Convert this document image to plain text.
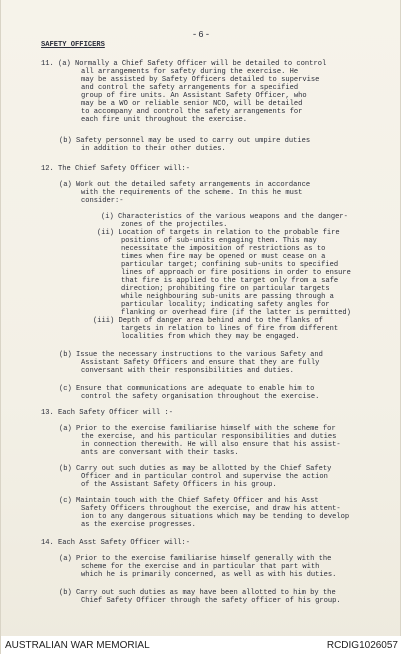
-6-
SAFETY OFFICERS
11. (a) Normally a Chief Safety Officer will be detailed to control
all arrangements for safety during the exercise. He
may be assisted by Safety Officers detailed to supervise
and control the safety arrangements for a specified
group of fire units. An Assistant Safety Officer, who
may be a WO or reliable senior NCO, will be detailed
to accompany and control the safety arrangements for
each fire unit throughout the exercise.
(b) Safety personnel may be used to carry out umpire duties
in addition to their other duties.
12. The Chief Safety Officer will:-
(a) Work out the detailed safety arrangements in accordance
with the requirements of the scheme. In this he must
consider:-
(i) Characteristics of the various weapons and the danger-
zones of the projectiles.
(ii) Location of targets in relation to the probable fire
positions of sub-units engaging them. This may
necessitate the imposition of restrictions as to
times when fire may be opened or must cease on a
particular target; confining sub-units to specified
lines of approach or fire positions in order to ensure
that fire is applied to the target only from a safe
direction; prohibiting fire on particular targets
while neighbouring sub-units are passing through a
particular locality; indicating safety angles for
flanking or overhead fire (if the latter is permitted)
(iii) Depth of danger area behind and to the flanks of
targets in relation to lines of fire from different
localities from which they may be engaged.
(b) Issue the necessary instructions to the various Safety and
Assistant Safety Officers and ensure that they are fully
conversant with their responsibilities and duties.
(c) Ensure that communications are adequate to enable him to
control the safety organisation throughout the exercise.
13. Each Safety Officer will :-
(a) Prior to the exercise familiarise himself with the scheme for
the exercise, and his particular responsibilities and duties
in connection therewith. He will also ensure that his assist-
ants are conversant with their tasks.
(b) Carry out such duties as may be allotted by the Chief Safety
Officer and in particular control and supervise the action
of the Assistant Safety Officers in his group.
(c) Maintain touch with the Chief Safety Officer and his Asst
Safety Officers throughout the exercise, and draw his attent-
ion to any dangerous situations which may be tending to develop
as the exercise progresses.
14. Each Asst Safety Officer will:-
(a) Prior to the exercise familiarise himself generally with the
scheme for the exercise and in particular that part with
which he is primarily concerned, as well as with his duties.
(b) Carry out such duties as may have been allotted to him by the
Chief Safety Officer through the safety officer of his group.
AUSTRALIAN WAR MEMORIAL	RCDIG1026057
